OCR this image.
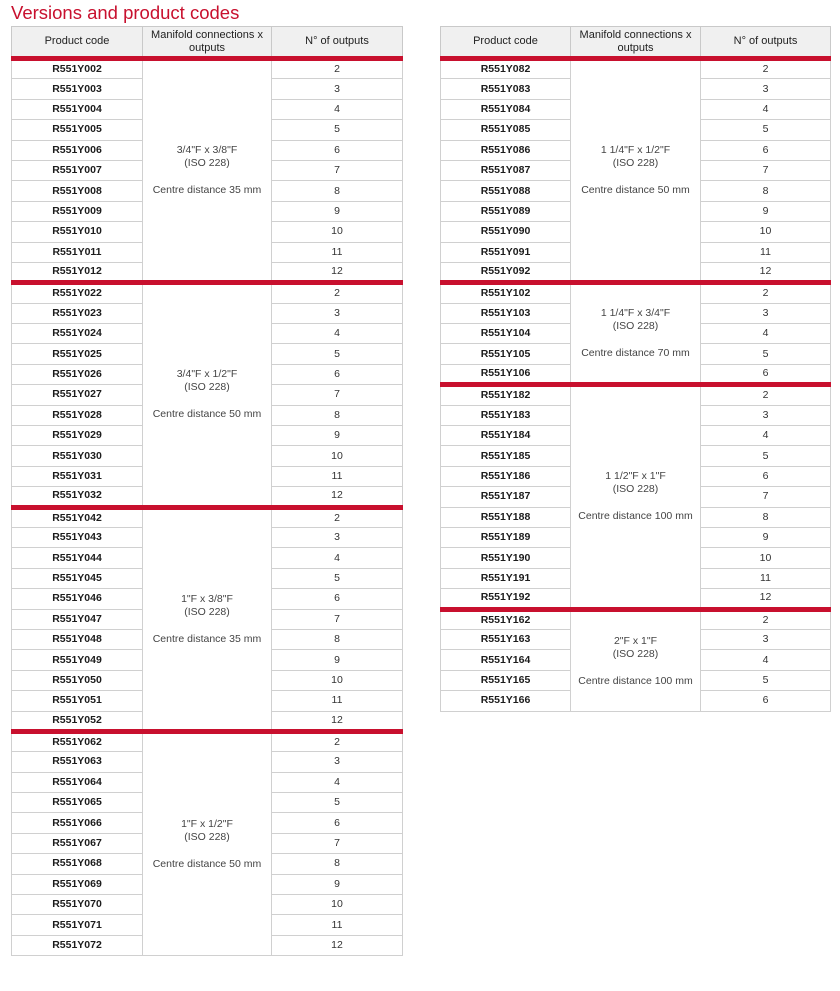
Versions and product codes
Product code	Manifold connections x outputs	N° of outputs
R551Y002	3/4"F x 3/8"F
(ISO 228)
Centre distance 35 mm	2
R551Y003		3
R551Y004		4
R551Y005		5
R551Y006		6
R551Y007		7
R551Y008		8
R551Y009		9
R551Y010		10
R551Y011		11
R551Y012		12
R551Y022	3/4"F x 1/2"F
(ISO 228)
Centre distance 50 mm	2
R551Y023		3
R551Y024		4
R551Y025		5
R551Y026		6
R551Y027		7
R551Y028		8
R551Y029		9
R551Y030		10
R551Y031		11
R551Y032		12
R551Y042	1"F x 3/8"F
(ISO 228)
Centre distance 35 mm	2
R551Y043		3
R551Y044		4
R551Y045		5
R551Y046		6
R551Y047		7
R551Y048		8
R551Y049		9
R551Y050		10
R551Y051		11
R551Y052		12
R551Y062	1"F x 1/2"F
(ISO 228)
Centre distance 50 mm	2
R551Y063		3
R551Y064		4
R551Y065		5
R551Y066		6
R551Y067		7
R551Y068		8
R551Y069		9
R551Y070		10
R551Y071		11
R551Y072		12
Product code	Manifold connections x outputs	N° of outputs
R551Y082	1 1/4"F x 1/2"F
(ISO 228)
Centre distance 50 mm	2
R551Y083		3
R551Y084		4
R551Y085		5
R551Y086		6
R551Y087		7
R551Y088		8
R551Y089		9
R551Y090		10
R551Y091		11
R551Y092		12
R551Y102	1 1/4"F x 3/4"F
(ISO 228)
Centre distance 70 mm	2
R551Y103		3
R551Y104		4
R551Y105		5
R551Y106		6
R551Y182	1 1/2"F x 1"F
(ISO 228)
Centre distance 100 mm	2
R551Y183		3
R551Y184		4
R551Y185		5
R551Y186		6
R551Y187		7
R551Y188		8
R551Y189		9
R551Y190		10
R551Y191		11
R551Y192		12
R551Y162	2"F x 1"F
(ISO 228)
Centre distance 100 mm	2
R551Y163		3
R551Y164		4
R551Y165		5
R551Y166		6
